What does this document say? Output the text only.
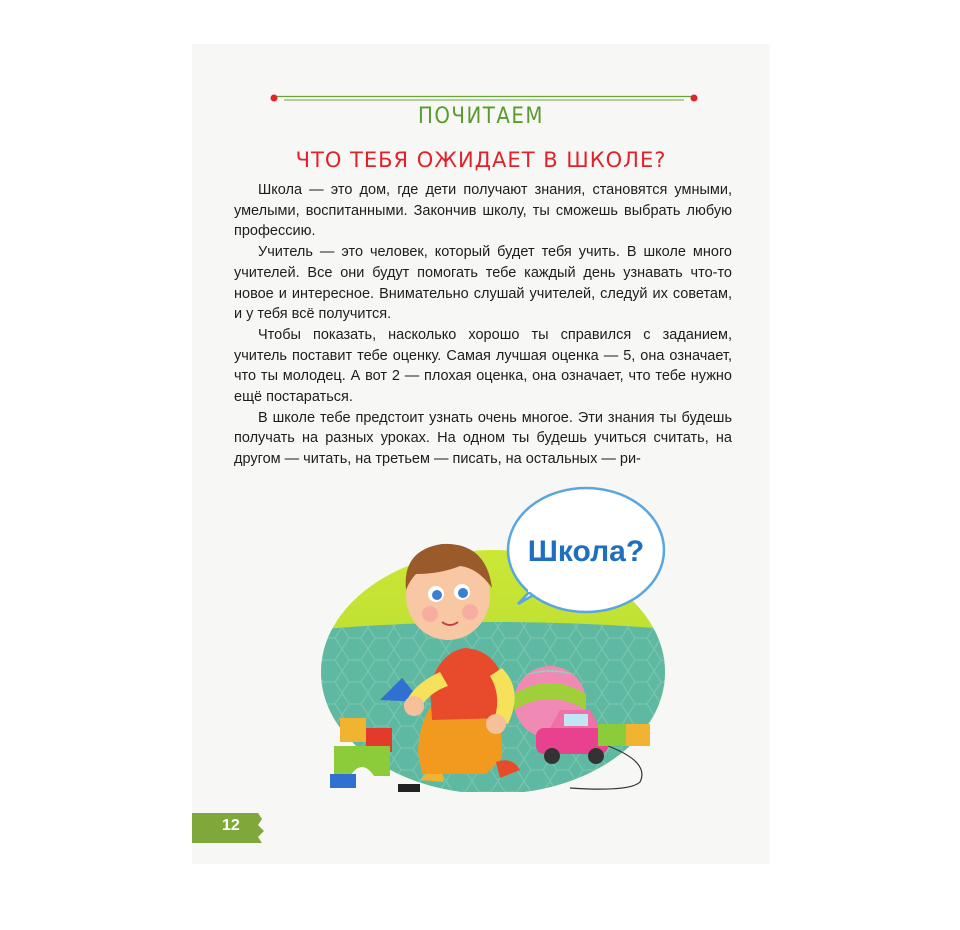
ПОЧИТАЕМ
ЧТО ТЕБЯ ОЖИДАЕТ В ШКОЛЕ?

Школа — это дом, где дети получают знания, становятся умными, умелыми, воспитанными. Закончив школу, ты сможешь выбрать любую профессию.

Учитель — это человек, который будет тебя учить. В школе много учителей. Все они будут помогать тебе каждый день узнавать что-то новое и интересное. Внимательно слушай учителей, следуй их советам, и у тебя всё получится.

Чтобы показать, насколько хорошо ты справился с заданием, учитель поставит тебе оценку. Самая лучшая оценка — 5, она означает, что ты молодец. А вот 2 — плохая оценка, она означает, что тебе нужно ещё постараться.

В школе тебе предстоит узнать очень многое. Эти знания ты будешь получать на разных уроках. На одном ты будешь учиться считать, на другом — читать, на третьем — писать, на остальных — ри-

Школа?
12
